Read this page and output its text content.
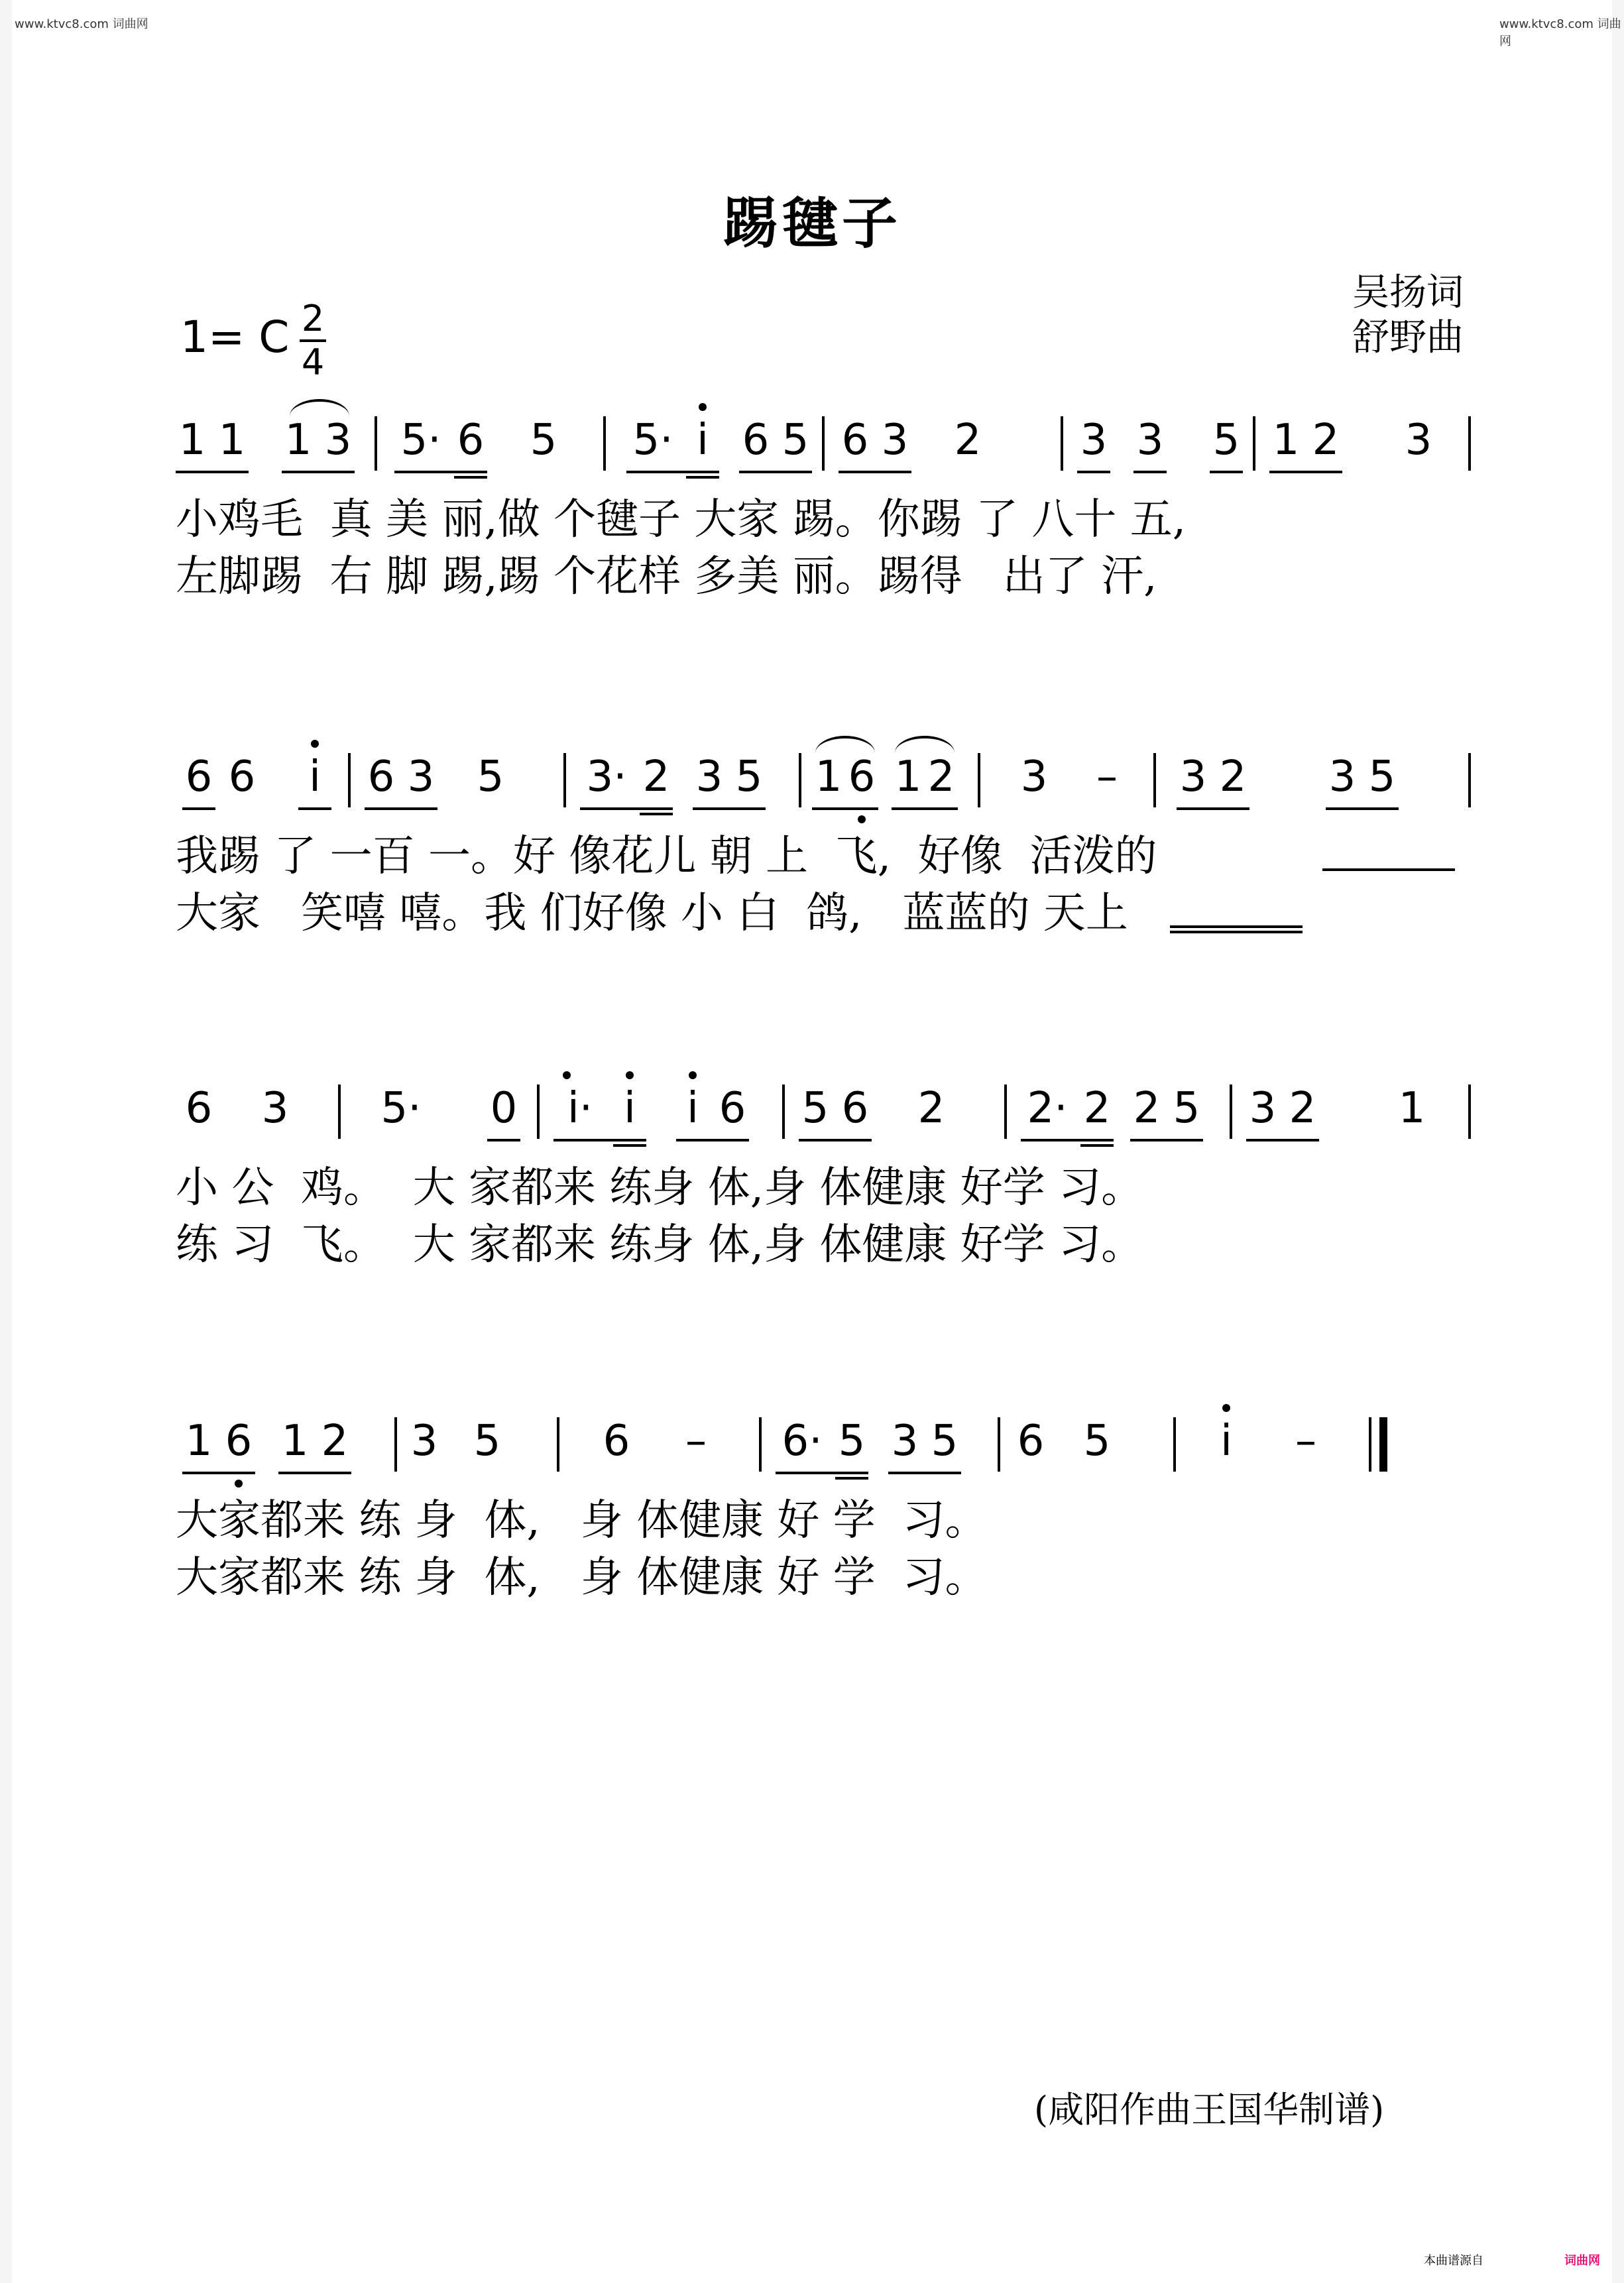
www.ktvc8.com 词曲网	www.ktvc8.com 词曲网
踢毽子
1= C 2
4
吴扬词
舒野曲
1 1 1 3 5· 6 5 5· i 6 5 6 3 2 3 3 5 1 2 3
小鸡毛  真 美 丽,做 个毽子 大家 踢。你踢 了 八十 五,
左脚踢  右 脚 踢,踢 个花样 多美 丽。踢得   出了 汗,
6 6 i 6 3 5 3· 2 3 5 1 6 1 2 3 – 3 2 3 5
我踢 了 一百 一。好 像花儿 朝 上  飞,  好像  活泼的
大家   笑嘻 嘻。我 们好像 小 白  鸽,   蓝蓝的 天上
6 3 5· 0	i· i i 6 5 6 2 2· 2 2 5 3 2 1
小 公  鸡。  大 家都来 练身 体,身 体健康 好学 习。
练 习  飞。  大 家都来 练身 体,身 体健康 好学 习。
1 6 1 2 3 5 6 – 6· 5 3 5 6 5	i –
大家都来 练 身  体,   身 体健康 好 学  习。
大家都来 练 身  体,   身 体健康 好 学  习。
(咸阳作曲王国华制谱)
本曲谱源自	词曲网
